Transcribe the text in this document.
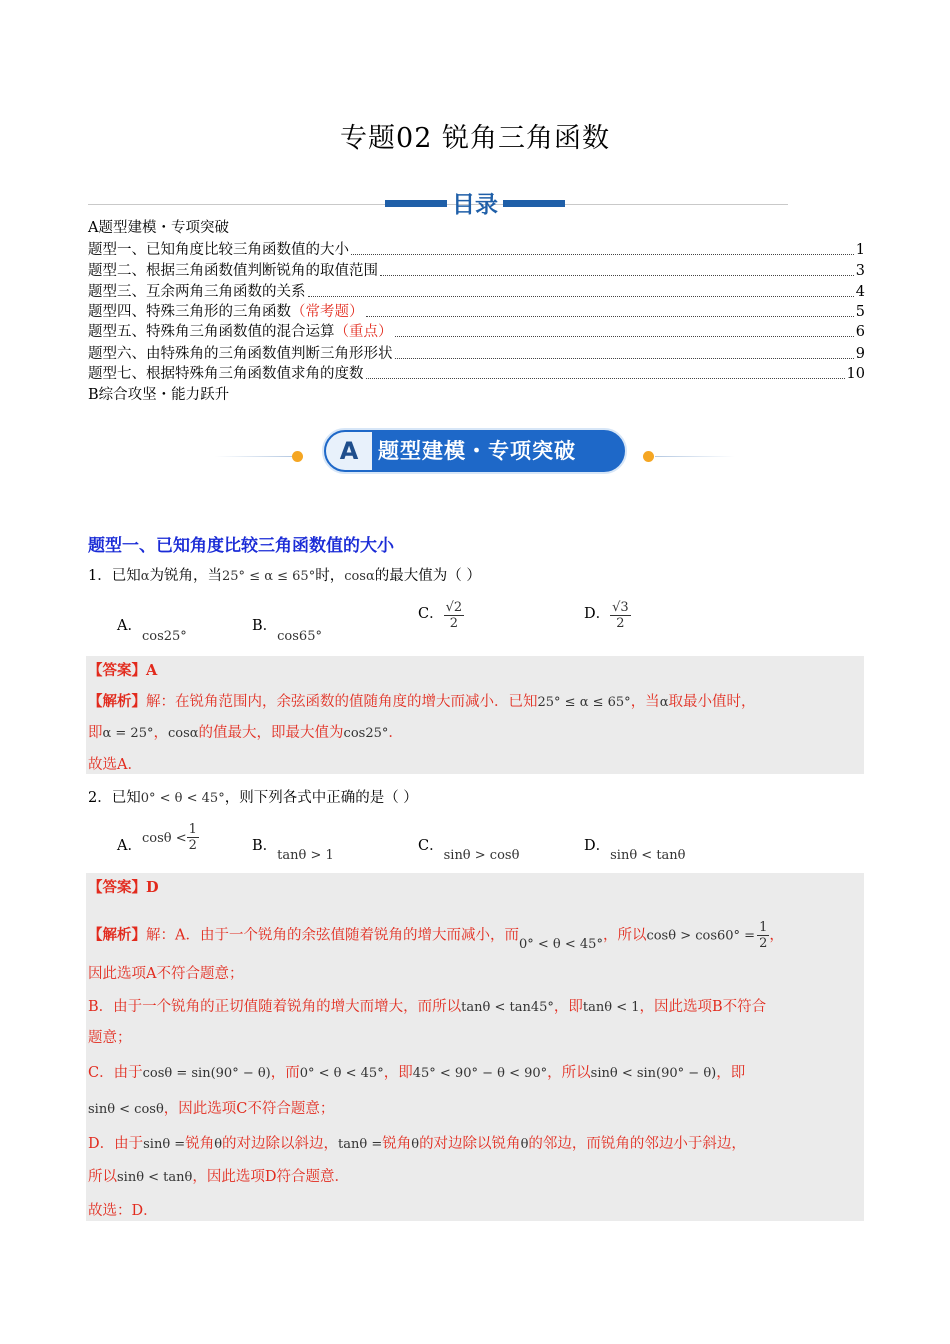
专题02 锐角三角函数
目录
A题型建模・专项突破
题型一、已知角度比较三角函数值的大小	1
题型二、根据三角函数值判断锐角的取值范围	3
题型三、互余两角三角函数的关系	4
题型四、特殊三角形的三角函数 （常考题）	5
题型五、特殊角三角函数值的混合运算 （重点）	6
题型六、由特殊角的三角函数值判断三角形形状	9
题型七、根据特殊角三角函数值求角的度数	10
B综合攻坚・能力跃升
A 题型建模・专项突破
题型一、已知角度比较三角函数值的大小
1．已知α为锐角，当25° ≤ α ≤ 65°时，cosα的最大值为（ ）
A．cos25°
B．cos65°
C． $\frac{√2}{2}$	D． $\frac{√3}{2}$
【答案】A
【解析】解：在锐角范围内，余弦函数的值随角度的增大而减小．已知25° ≤ α ≤ 65°，当α取最小值时，
即α = 25°，cosα的值最大，即最大值为cos25°．
故选A．
2．已知0° < θ < 45°，则下列各式中正确的是（ ）
A．$\cos\theta < \frac{1}{2}$	B．tanθ > 1
C．sinθ > cosθ
D．sinθ < tanθ
【答案】D
【解析】解：A．由于一个锐角的余弦值随着锐角的增大而减小，而0° < θ < 45°，所以$\cos\theta > \cos 60^\circ = \frac{1}{2}$ ，
因此选项A不符合题意；
B．由于一个锐角的正切值随着锐角的增大而增大，而所以tanθ < tan45°，即tanθ < 1，因此选项B不符合
题意；
C．由于cosθ = sin(90° − θ)，而0° < θ < 45°，即45° < 90° − θ < 90°，所以sinθ < sin(90° − θ)，即
sinθ < cosθ，因此选项C不符合题意；
D．由于sinθ =锐角θ的对边除以斜边，tanθ =锐角θ的对边除以锐角θ的邻边，而锐角的邻边小于斜边，
所以sinθ < tanθ，因此选项D符合题意．
故选：D．
